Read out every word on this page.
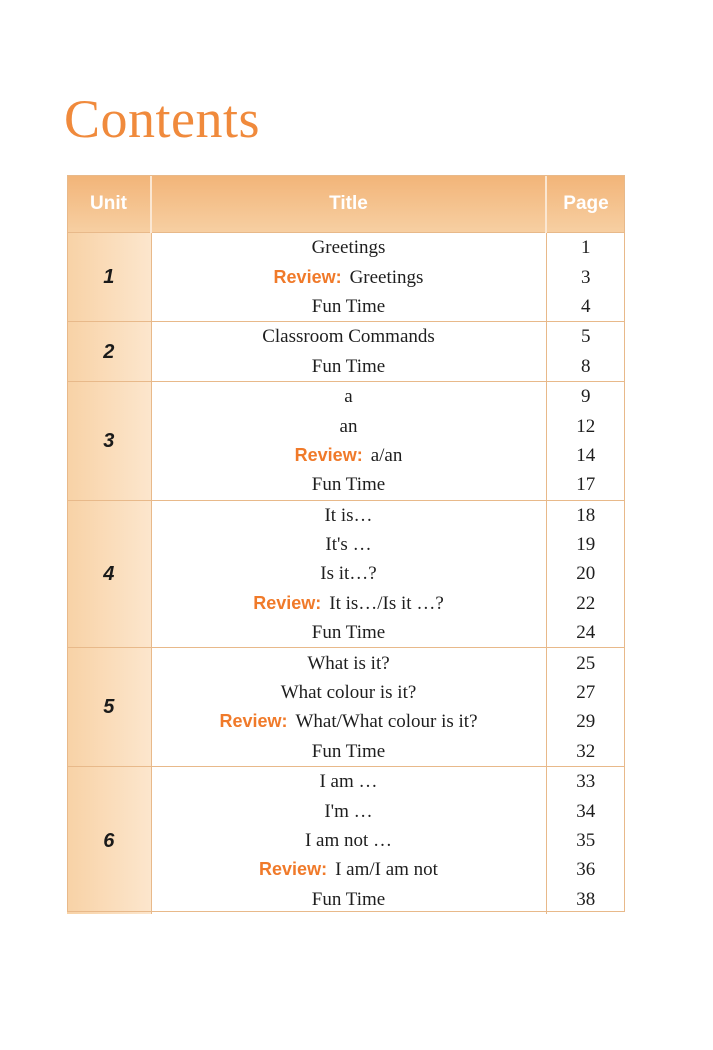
Contents
Unit	Title	Page
1	Greetings	1
	Review: Greetings	3
	Fun Time	4
2	Classroom Commands	5
	Fun Time	8
3	a	9
	an	12
	Review: a/an	14
	Fun Time	17
4	It is…	18
	It's …	19
	Is it…?	20
	Review: It is…/Is it …?	22
	Fun Time	24
5	What is it?	25
	What colour is it?	27
	Review: What/What colour is it?	29
	Fun Time	32
6	I am …	33
	I'm …	34
	I am not …	35
	Review: I am/I am not	36
	Fun Time	38
